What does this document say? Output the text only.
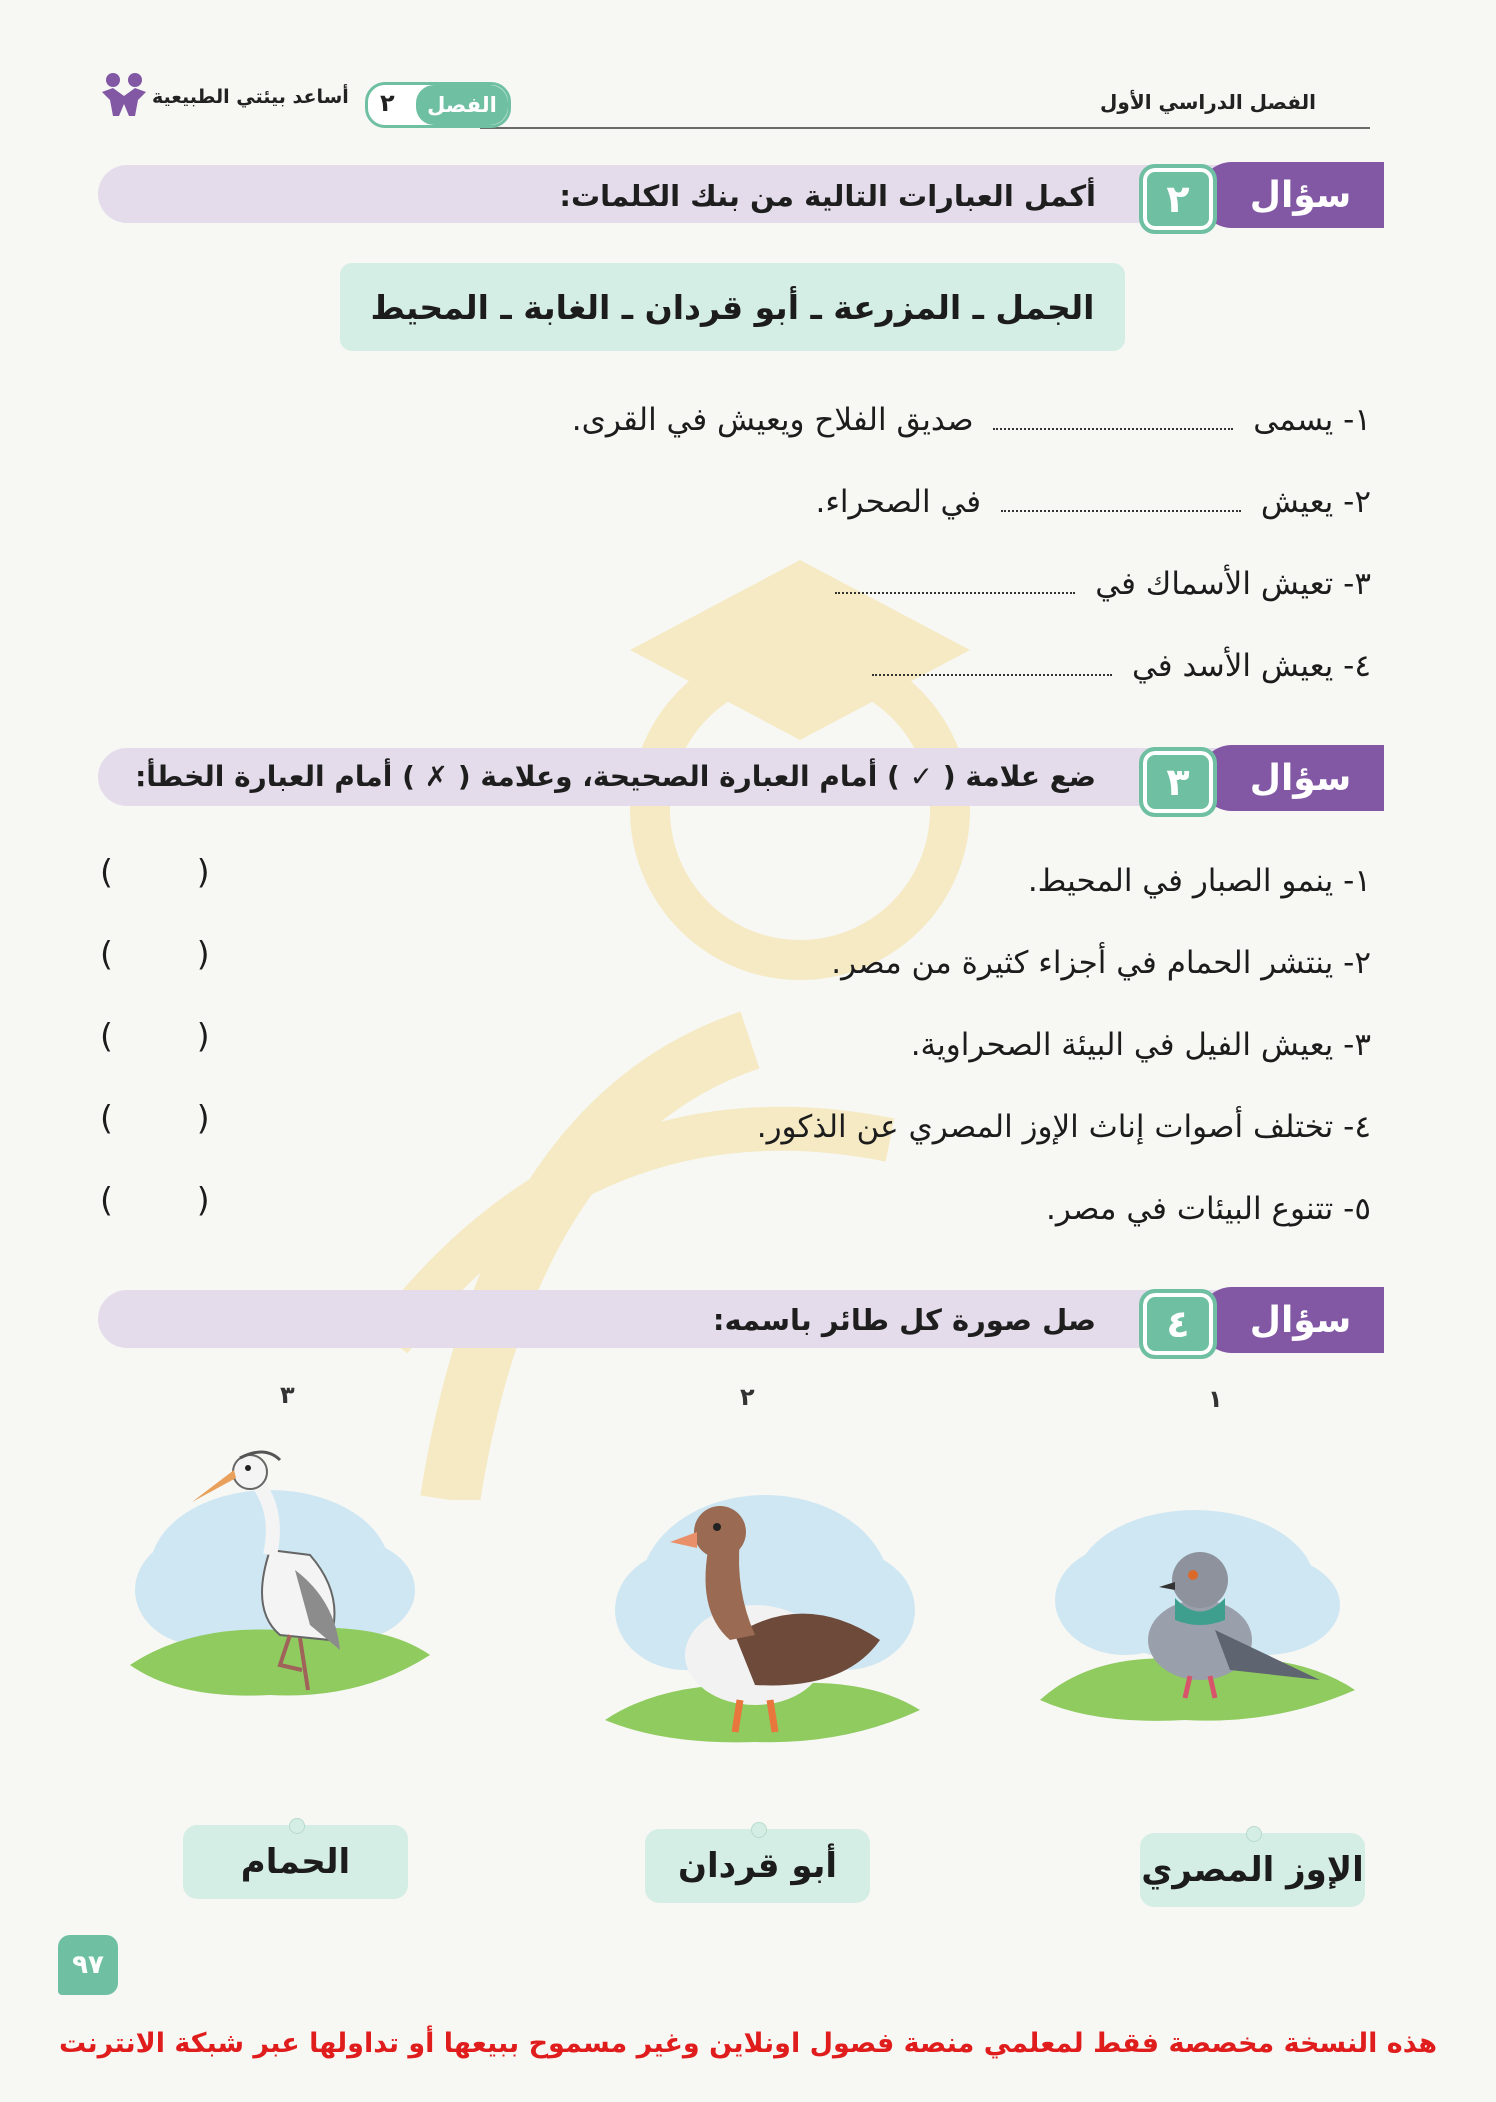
الفصل الدراسي الأول
الفصل
٢
أساعد بيئتي الطبيعية
سؤال
٢
أكمل العبارات التالية من بنك الكلمات:
الجمل ـ المزرعة ـ أبو قردان ـ الغابة ـ المحيط
١- يسمى  صديق الفلاح ويعيش في القرى.
٢- يعيش  في الصحراء.
٣- تعيش الأسماك في
٤- يعيش الأسد في
سؤال
٣
ضع علامة ( ✓ ) أمام العبارة الصحيحة، وعلامة ( ✗ ) أمام العبارة الخطأ:
١- ينمو الصبار في المحيط.
(        )
٢- ينتشر الحمام في أجزاء كثيرة من مصر.
(        )
٣- يعيش الفيل في البيئة الصحراوية.
(        )
٤- تختلف أصوات إناث الإوز المصري عن الذكور.
(        )
٥- تتنوع البيئات في مصر.
(        )
سؤال
٤
صل صورة كل طائر باسمه:
١
٢
٣
الإوز المصري
أبو قردان
الحمام
٩٧
هذه النسخة مخصصة فقط لمعلمي منصة فصول اونلاين وغير مسموح ببيعها أو تداولها عبر شبكة الانترنت
